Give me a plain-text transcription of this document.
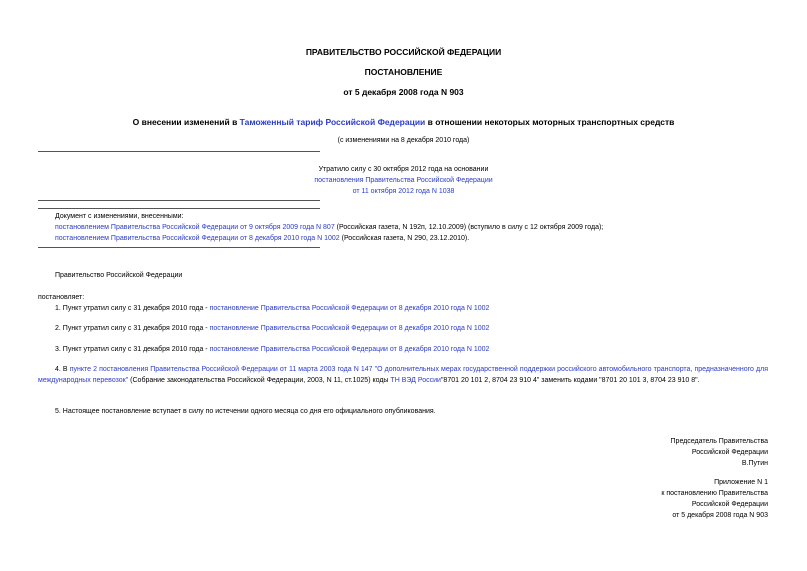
ПРАВИТЕЛЬСТВО РОССИЙСКОЙ ФЕДЕРАЦИИ
ПОСТАНОВЛЕНИЕ
от 5 декабря 2008 года N 903
О внесении изменений в Таможенный тариф Российской Федерации в отношении некоторых моторных транспортных средств
(с изменениями на 8 декабря 2010 года)
Утратило силу с 30 октября 2012 года на основании
постановления Правительства Российской Федерации
от 11 октября 2012 года N 1038
Документ с изменениями, внесенными:
постановлением Правительства Российской Федерации от 9 октября 2009 года N 807 (Российская газета, N 192п, 12.10.2009) (вступило в силу с 12 октября 2009 года);
постановлением Правительства Российской Федерации от 8 декабря 2010 года N 1002 (Российская газета, N 290, 23.12.2010).
Правительство Российской Федерации
постановляет:
1. Пункт утратил силу с 31 декабря 2010 года - постановление Правительства Российской Федерации от 8 декабря 2010 года N 1002
2. Пункт утратил силу с 31 декабря 2010 года - постановление Правительства Российской Федерации от 8 декабря 2010 года N 1002
3. Пункт утратил силу с 31 декабря 2010 года - постановление Правительства Российской Федерации от 8 декабря 2010 года N 1002
4. В пункте 2 постановления Правительства Российской Федерации от 11 марта 2003 года N 147 "О дополнительных мерах государственной поддержки российского автомобильного транспорта, предназначенного для международных перевозок" (Собрание законодательства Российской Федерации, 2003, N 11, ст.1025) коды ТН ВЭД России"8701 20 101 2, 8704 23 910 4" заменить кодами "8701 20 101 3, 8704 23 910 8".
5. Настоящее постановление вступает в силу по истечении одного месяца со дня его официального опубликования.
Председатель Правительства
Российской Федерации
В.Путин
Приложение N 1
к постановлению Правительства
Российской Федерации
от 5 декабря 2008 года N 903
